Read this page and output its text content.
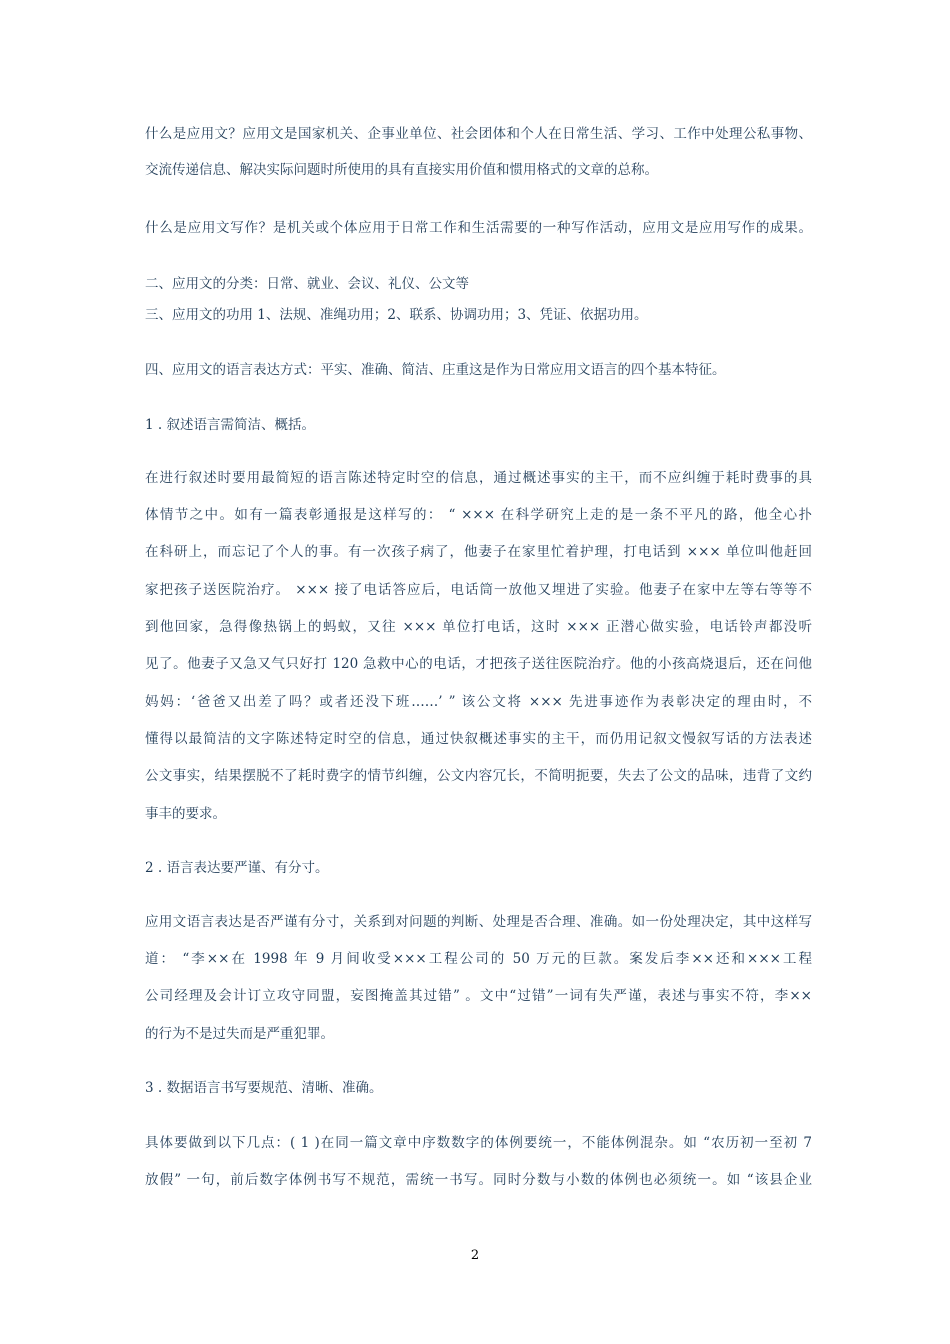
什么是应用文？应用文是国家机关、企事业单位、社会团体和个人在日常生活、学习、工作中处理公私事物、
交流传递信息、解决实际问题时所使用的具有直接实用价值和惯用格式的文章的总称。
什么是应用文写作？是机关或个体应用于日常工作和生活需要的一种写作活动，应用文是应用写作的成果。
二、应用文的分类：日常、就业、会议、礼仪、公文等
三、应用文的功用 1、法规、准绳功用；2、联系、协调功用；3、凭证、依据功用。
四、应用文的语言表达方式：平实、准确、简洁、庄重这是作为日常应用文语言的四个基本特征。
1 . 叙述语言需简洁、概括。
在进行叙述时要用最简短的语言陈述特定时空的信息，通过概述事实的主干，而不应纠缠于耗时费事的具
体情节之中。如有一篇表彰通报是这样写的： “ ××× 在科学研究上走的是一条不平凡的路，他全心扑
在科研上，而忘记了个人的事。有一次孩子病了，他妻子在家里忙着护理，打电话到 ××× 单位叫他赶回
家把孩子送医院治疗。 ××× 接了电话答应后，电话筒一放他又埋进了实验。他妻子在家中左等右等等不
到他回家，急得像热锅上的蚂蚁，又往 ××× 单位打电话，这时 ××× 正潜心做实验，电话铃声都没听
见了。他妻子又急又气只好打 120 急救中心的电话，才把孩子送往医院治疗。他的小孩高烧退后，还在问他
妈妈：‘爸爸又出差了吗？或者还没下班……’ ” 该公文将 ××× 先进事迹作为表彰决定的理由时，不
懂得以最简洁的文字陈述特定时空的信息，通过快叙概述事实的主干，而仍用记叙文慢叙写话的方法表述
公文事实，结果摆脱不了耗时费字的情节纠缠，公文内容冗长，不简明扼要，失去了公文的品味，违背了文约
事丰的要求。
2 . 语言表达要严谨、有分寸。
应用文语言表达是否严谨有分寸，关系到对问题的判断、处理是否合理、准确。如一份处理决定，其中这样写
道： “李××在 1998 年 9 月间收受×××工程公司的 50 万元的巨款。案发后李××还和×××工程
公司经理及会计订立攻守同盟，妄图掩盖其过错” 。文中“过错”一词有失严谨，表述与事实不符，李××
的行为不是过失而是严重犯罪。
3 . 数据语言书写要规范、清晰、准确。
具体要做到以下几点：( 1 )在同一篇文章中序数数字的体例要统一，不能体例混杂。如 “农历初一至初 7
放假” 一句，前后数字体例书写不规范，需统一书写。同时分数与小数的体例也必须统一。如 “该县企业
2
